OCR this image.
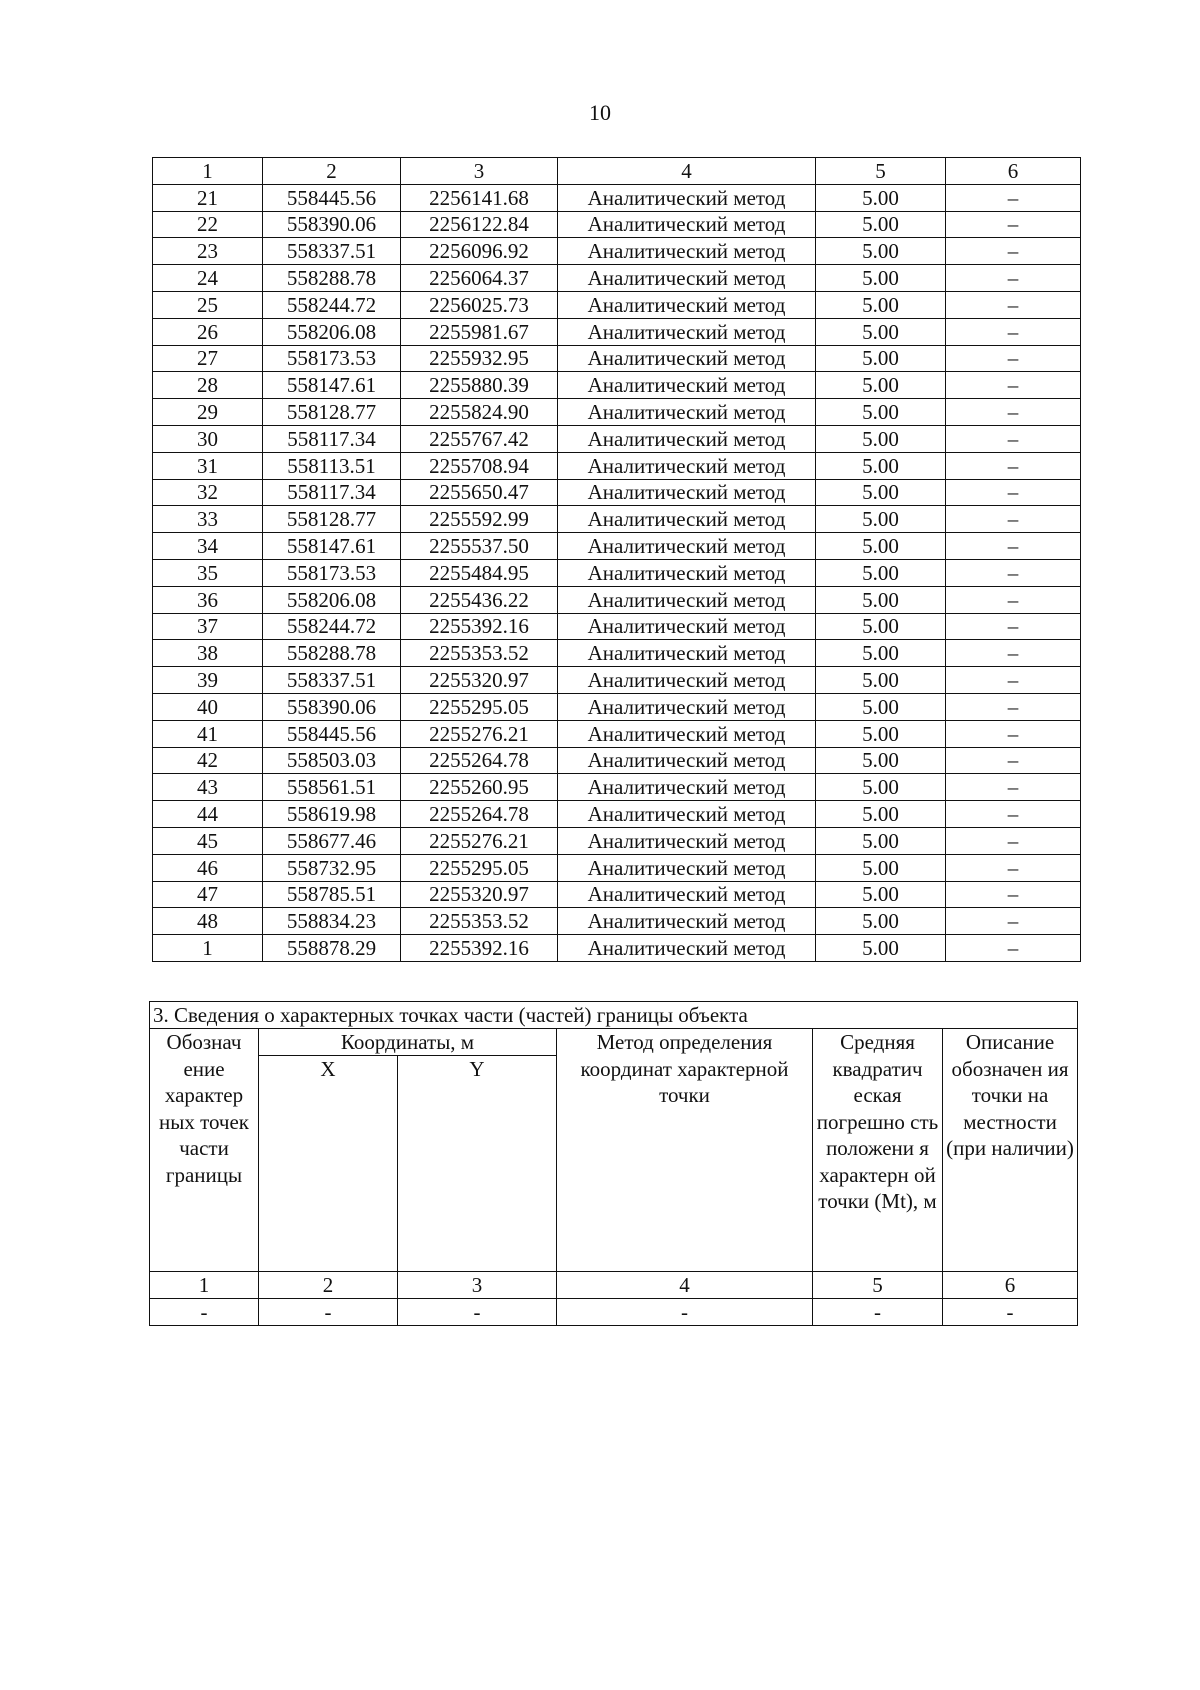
10
1	2	3	4	5	6
21	558445.56	2256141.68	Аналитический метод	5.00	–
22	558390.06	2256122.84	Аналитический метод	5.00	–
23	558337.51	2256096.92	Аналитический метод	5.00	–
24	558288.78	2256064.37	Аналитический метод	5.00	–
25	558244.72	2256025.73	Аналитический метод	5.00	–
26	558206.08	2255981.67	Аналитический метод	5.00	–
27	558173.53	2255932.95	Аналитический метод	5.00	–
28	558147.61	2255880.39	Аналитический метод	5.00	–
29	558128.77	2255824.90	Аналитический метод	5.00	–
30	558117.34	2255767.42	Аналитический метод	5.00	–
31	558113.51	2255708.94	Аналитический метод	5.00	–
32	558117.34	2255650.47	Аналитический метод	5.00	–
33	558128.77	2255592.99	Аналитический метод	5.00	–
34	558147.61	2255537.50	Аналитический метод	5.00	–
35	558173.53	2255484.95	Аналитический метод	5.00	–
36	558206.08	2255436.22	Аналитический метод	5.00	–
37	558244.72	2255392.16	Аналитический метод	5.00	–
38	558288.78	2255353.52	Аналитический метод	5.00	–
39	558337.51	2255320.97	Аналитический метод	5.00	–
40	558390.06	2255295.05	Аналитический метод	5.00	–
41	558445.56	2255276.21	Аналитический метод	5.00	–
42	558503.03	2255264.78	Аналитический метод	5.00	–
43	558561.51	2255260.95	Аналитический метод	5.00	–
44	558619.98	2255264.78	Аналитический метод	5.00	–
45	558677.46	2255276.21	Аналитический метод	5.00	–
46	558732.95	2255295.05	Аналитический метод	5.00	–
47	558785.51	2255320.97	Аналитический метод	5.00	–
48	558834.23	2255353.52	Аналитический метод	5.00	–
1	558878.29	2255392.16	Аналитический метод	5.00	–
3. Сведения о характерных точках части (частей) границы объекта					
Обознач ение характер ных точек части границы	Координаты, м		Метод определения координат характерной точки	Средняя квадратич еская погрешно сть положени я характерн ой точки (Mt), м	Описание обозначен ия точки на местности (при наличии)
	X	Y			
1	2	3	4	5	6
-	-	-	-	-	-
